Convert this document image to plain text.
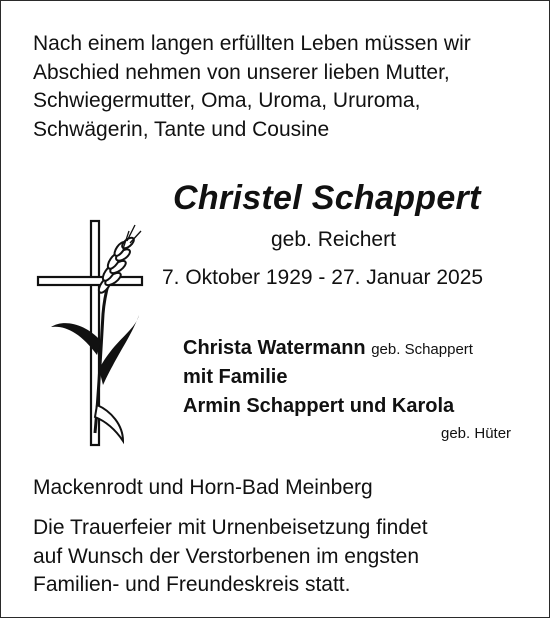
Nach einem langen erfüllten Leben müssen wir
Abschied nehmen von unserer lieben Mutter,
Schwiegermutter, Oma, Uroma, Ururoma,
Schwägerin, Tante und Cousine
Christel Schappert
geb. Reichert
7. Oktober 1929 - 27. Januar 2025
Christa Watermann geb. Schappert
mit Familie
Armin Schappert und Karola
geb. Hüter
Mackenrodt und Horn-Bad Meinberg
Die Trauerfeier mit Urnenbeisetzung findet
auf Wunsch der Verstorbenen im engsten
Familien- und Freundeskreis statt.
